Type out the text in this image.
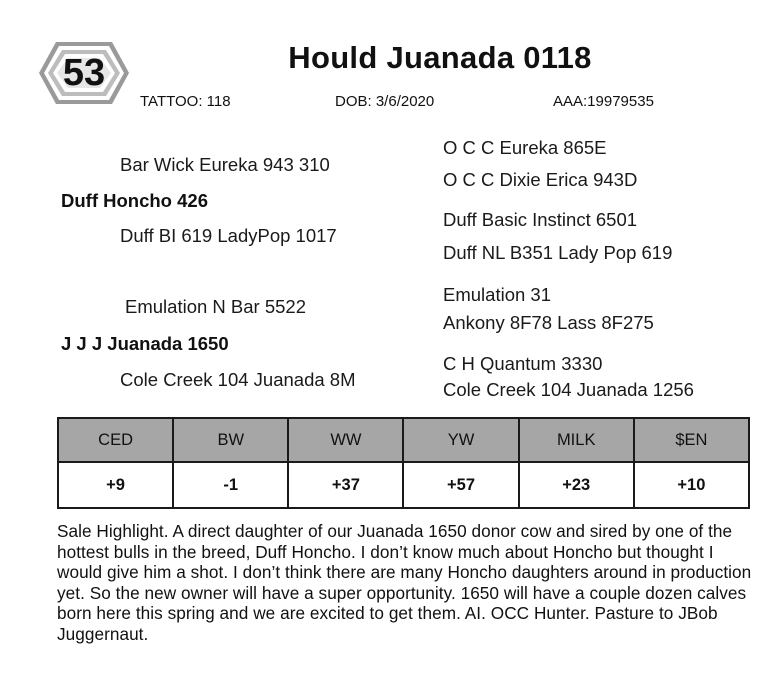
53	Hould Juanada 0118
TATTOO: 118	DOB: 3/6/2020	AAA:19979535
Bar Wick Eureka 943 310
Duff Honcho 426
Duff BI 619 LadyPop 1017
O C C Eureka 865E
O C C Dixie Erica 943D
Duff Basic Instinct 6501
Duff NL B351 Lady Pop 619
Emulation N Bar 5522
J J J Juanada 1650
Cole Creek 104 Juanada 8M
Emulation 31
Ankony 8F78 Lass 8F275
C H Quantum 3330
Cole Creek 104 Juanada 1256
CED	BW	WW	YW	MILK	$EN
+9	-1	+37	+57	+23	+10
Sale Highlight. A direct daughter of our Juanada 1650 donor cow and sired by one of the hottest bulls in the breed, Duff Honcho. I don’t know much about Honcho but thought I would give him a shot. I don’t think there are many Honcho daughters around in production yet. So the new owner will have a super opportunity. 1650 will have a couple dozen calves born here this spring and we are excited to get them. AI. OCC Hunter. Pasture to JBob Juggernaut.
